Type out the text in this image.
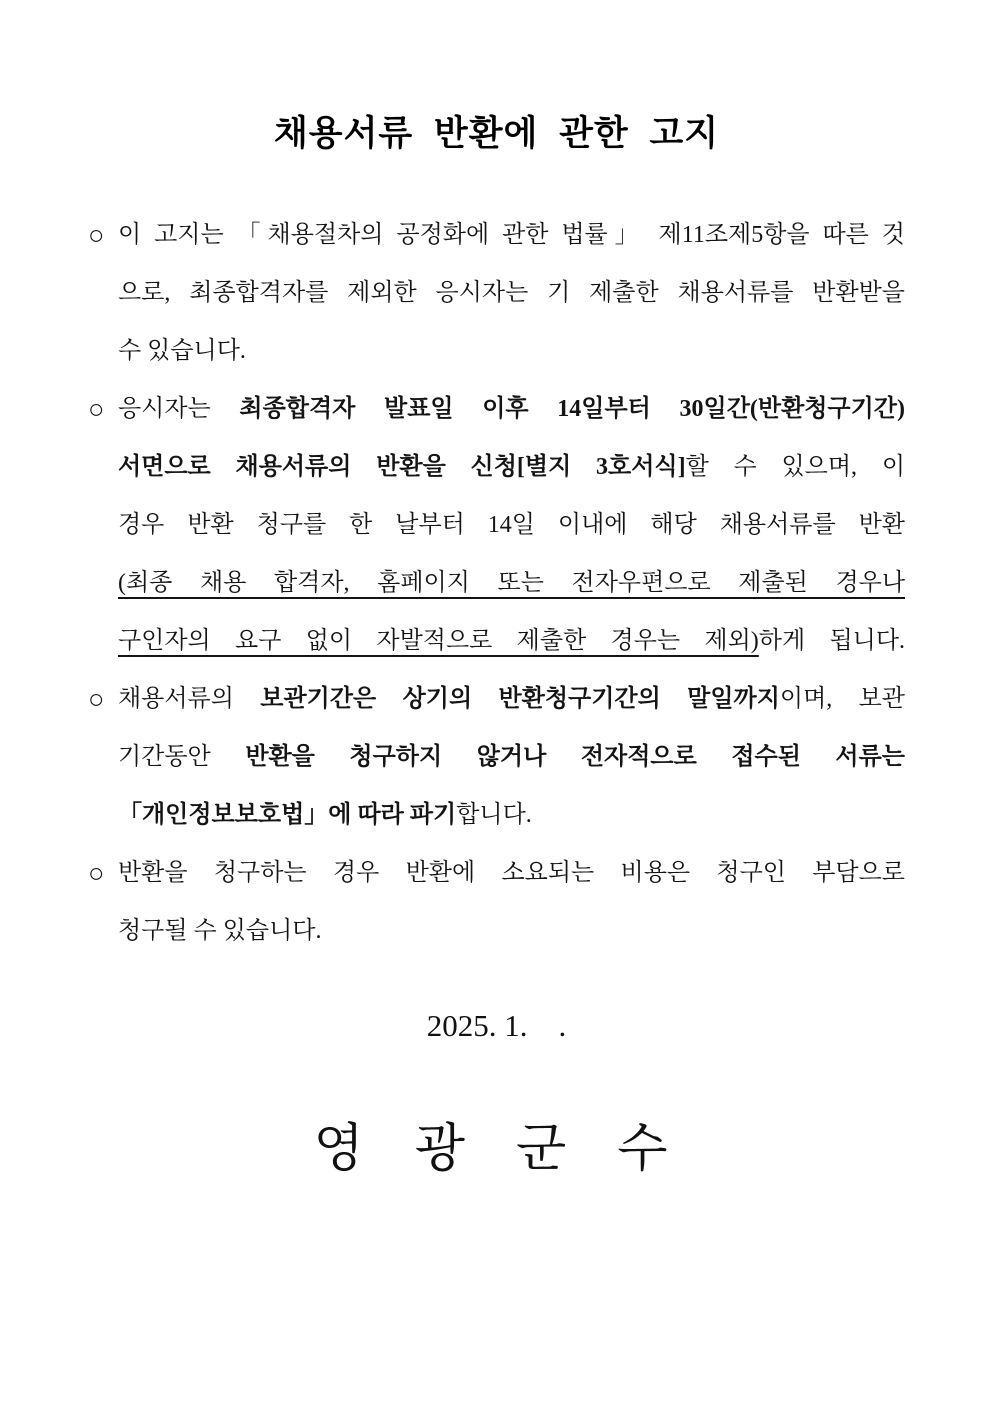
채용서류 반환에 관한 고지
○ 이 고지는 「채용절차의 공정화에 관한 법률」 제11조제5항을 따른 것
으로, 최종합격자를 제외한 응시자는 기 제출한 채용서류를 반환받을
수 있습니다.
○ 응시자는 최종합격자 발표일 이후 14일부터 30일간(반환청구기간)
서면으로 채용서류의 반환을 신청[별지 3호서식]할 수 있으며, 이
경우 반환 청구를 한 날부터 14일 이내에 해당 채용서류를 반환
(최종 채용 합격자, 홈페이지 또는 전자우편으로 제출된 경우나
구인자의 요구 없이 자발적으로 제출한 경우는 제외)하게 됩니다.
○ 채용서류의 보관기간은 상기의 반환청구기간의 말일까지이며, 보관
기간동안 반환을 청구하지 않거나 전자적으로 접수된 서류는
「개인정보보호법」에 따라 파기합니다.
○ 반환을 청구하는 경우 반환에 소요되는 비용은 청구인 부담으로
청구될 수 있습니다.
2025. 1.    .
영 광 군 수
